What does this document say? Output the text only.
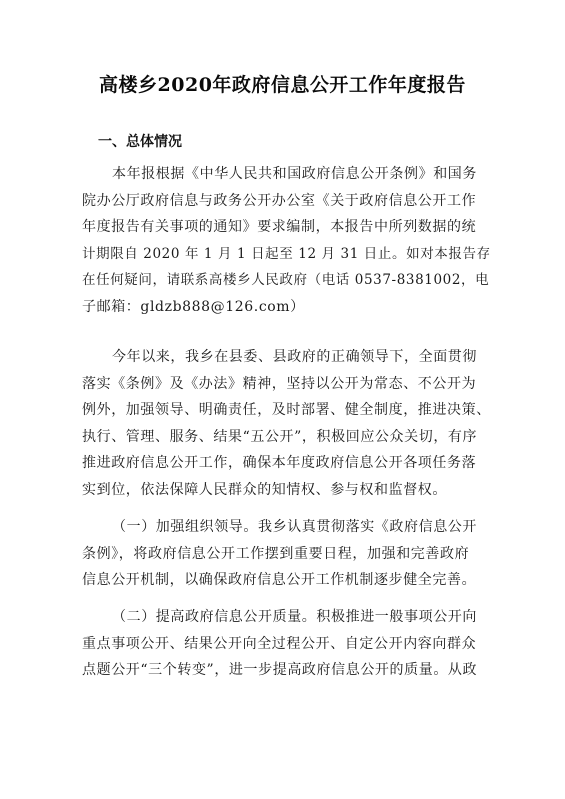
高楼乡2020年政府信息公开工作年度报告
一、总体情况
本年报根据《中华人民共和国政府信息公开条例》和国务
院办公厅政府信息与政务公开办公室《关于政府信息公开工作
年度报告有关事项的通知》要求编制，本报告中所列数据的统
计期限自 2020 年 1 月 1 日起至 12 月 31 日止。如对本报告存
在任何疑问，请联系高楼乡人民政府（电话 0537-8381002，电
子邮箱：gldzb888@126.com）
今年以来，我乡在县委、县政府的正确领导下，全面贯彻
落实《条例》及《办法》精神，坚持以公开为常态、不公开为
例外，加强领导、明确责任，及时部署、健全制度，推进决策、
执行、管理、服务、结果“五公开”，积极回应公众关切，有序
推进政府信息公开工作，确保本年度政府信息公开各项任务落
实到位，依法保障人民群众的知情权、参与权和监督权。
（一）加强组织领导。我乡认真贯彻落实《政府信息公开
条例》，将政府信息公开工作摆到重要日程，加强和完善政府
信息公开机制，以确保政府信息公开工作机制逐步健全完善。
（二）提高政府信息公开质量。积极推进一般事项公开向
重点事项公开、结果公开向全过程公开、自定公开内容向群众
点题公开“三个转变”，进一步提高政府信息公开的质量。从政
